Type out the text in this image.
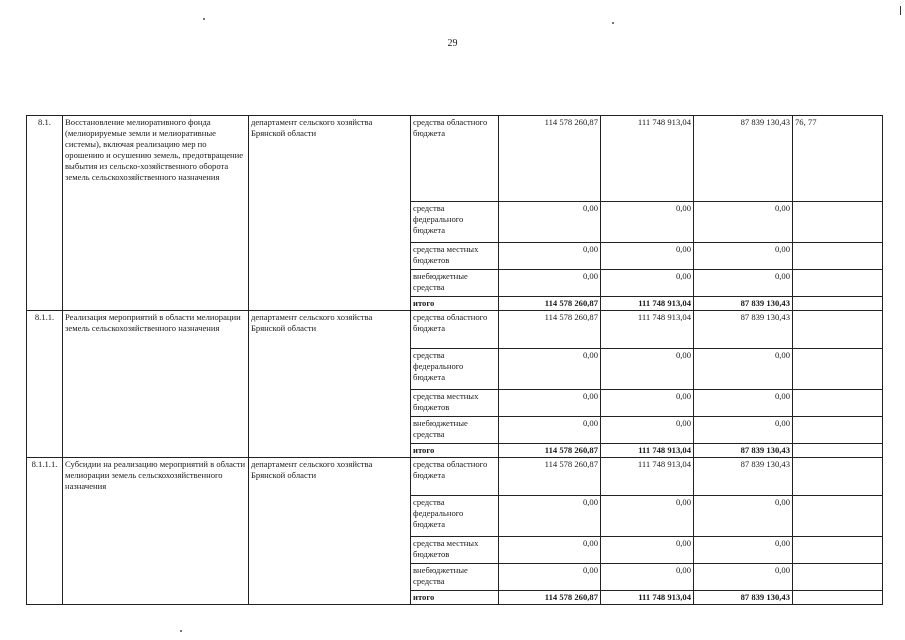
29
8.1.	Восстановление мелиоративного фонда (мелиорируемые земли и мелиоративные системы), включая реализацию мер по орошению и осушению земель, предотвращение выбытия из сельско-хозяйственного оборота земель сельскохозяйственного назначения	департамент сельского хозяйства Брянской области	средства областного бюджета	114 578 260,87	111 748 913,04	87 839 130,43	76, 77
			средства федерального бюджета	0,00	0,00	0,00	
			средства местных бюджетов	0,00	0,00	0,00	
			внебюджетные средства	0,00	0,00	0,00	
			итого	114 578 260,87	111 748 913,04	87 839 130,43	
8.1.1.	Реализация мероприятий в области мелиорации земель сельскохозяйственного назначения	департамент сельского хозяйства Брянской области	средства областного бюджета	114 578 260,87	111 748 913,04	87 839 130,43	
			средства федерального бюджета	0,00	0,00	0,00	
			средства местных бюджетов	0,00	0,00	0,00	
			внебюджетные средства	0,00	0,00	0,00	
			итого	114 578 260,87	111 748 913,04	87 839 130,43	
8.1.1.1.	Субсидии на реализацию мероприятий в области мелиорации земель сельскохозяйственного назначения	департамент сельского хозяйства Брянской области	средства областного бюджета	114 578 260,87	111 748 913,04	87 839 130,43	
			средства федерального бюджета	0,00	0,00	0,00	
			средства местных бюджетов	0,00	0,00	0,00	
			внебюджетные средства	0,00	0,00	0,00	
			итого	114 578 260,87	111 748 913,04	87 839 130,43	
